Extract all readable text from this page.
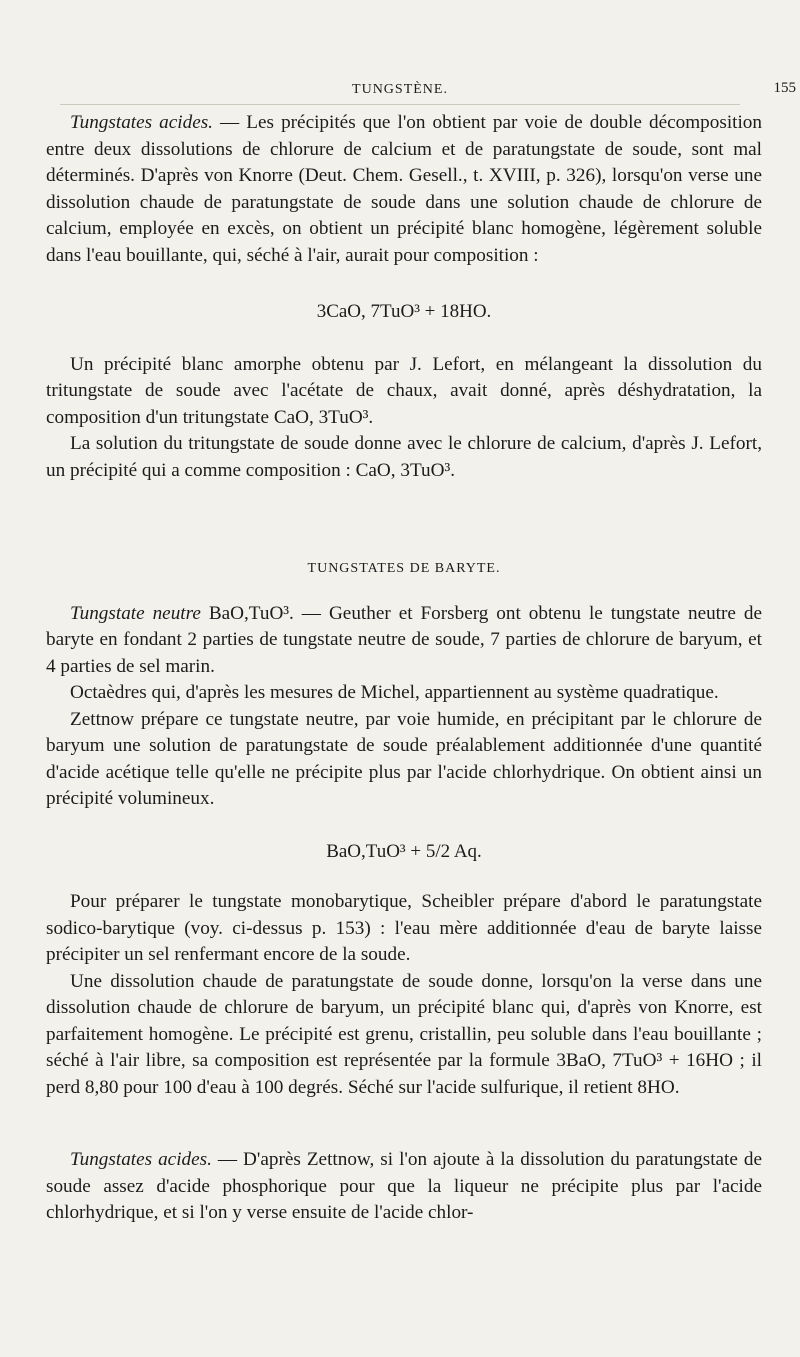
TUNGSTÈNE.	155

Tungstates acides. — Les précipités que l'on obtient par voie de double décomposition entre deux dissolutions de chlorure de calcium et de paratungstate de soude, sont mal déterminés. D'après von Knorre (Deut. Chem. Gesell., t. XVIII, p. 326), lorsqu'on verse une dissolution chaude de paratungstate de soude dans une solution chaude de chlorure de calcium, employée en excès, on obtient un précipité blanc homogène, légèrement soluble dans l'eau bouillante, qui, séché à l'air, aurait pour composition :

3CaO, 7TuO³ + 18HO.

Un précipité blanc amorphe obtenu par J. Lefort, en mélangeant la dissolution du tritungstate de soude avec l'acétate de chaux, avait donné, après déshydratation, la composition d'un tritungstate CaO, 3TuO³.

La solution du tritungstate de soude donne avec le chlorure de calcium, d'après J. Lefort, un précipité qui a comme composition : CaO, 3TuO³.

TUNGSTATES DE BARYTE.

Tungstate neutre BaO,TuO³. — Geuther et Forsberg ont obtenu le tungstate neutre de baryte en fondant 2 parties de tungstate neutre de soude, 7 parties de chlorure de baryum, et 4 parties de sel marin.

Octaèdres qui, d'après les mesures de Michel, appartiennent au système quadratique.

Zettnow prépare ce tungstate neutre, par voie humide, en précipitant par le chlorure de baryum une solution de paratungstate de soude préalablement additionnée d'une quantité d'acide acétique telle qu'elle ne précipite plus par l'acide chlorhydrique. On obtient ainsi un précipité volumineux.

BaO,TuO³ + 5/2 Aq.

Pour préparer le tungstate monobarytique, Scheibler prépare d'abord le paratungstate sodico-barytique (voy. ci-dessus p. 153) : l'eau mère additionnée d'eau de baryte laisse précipiter un sel renfermant encore de la soude.

Une dissolution chaude de paratungstate de soude donne, lorsqu'on la verse dans une dissolution chaude de chlorure de baryum, un précipité blanc qui, d'après von Knorre, est parfaitement homogène. Le précipité est grenu, cristallin, peu soluble dans l'eau bouillante ; séché à l'air libre, sa composition est représentée par la formule 3BaO, 7TuO³ + 16HO ; il perd 8,80 pour 100 d'eau à 100 degrés. Séché sur l'acide sulfurique, il retient 8HO.

Tungstates acides. — D'après Zettnow, si l'on ajoute à la dissolution du paratungstate de soude assez d'acide phosphorique pour que la liqueur ne précipite plus par l'acide chlorhydrique, et si l'on y verse ensuite de l'acide chlor-
